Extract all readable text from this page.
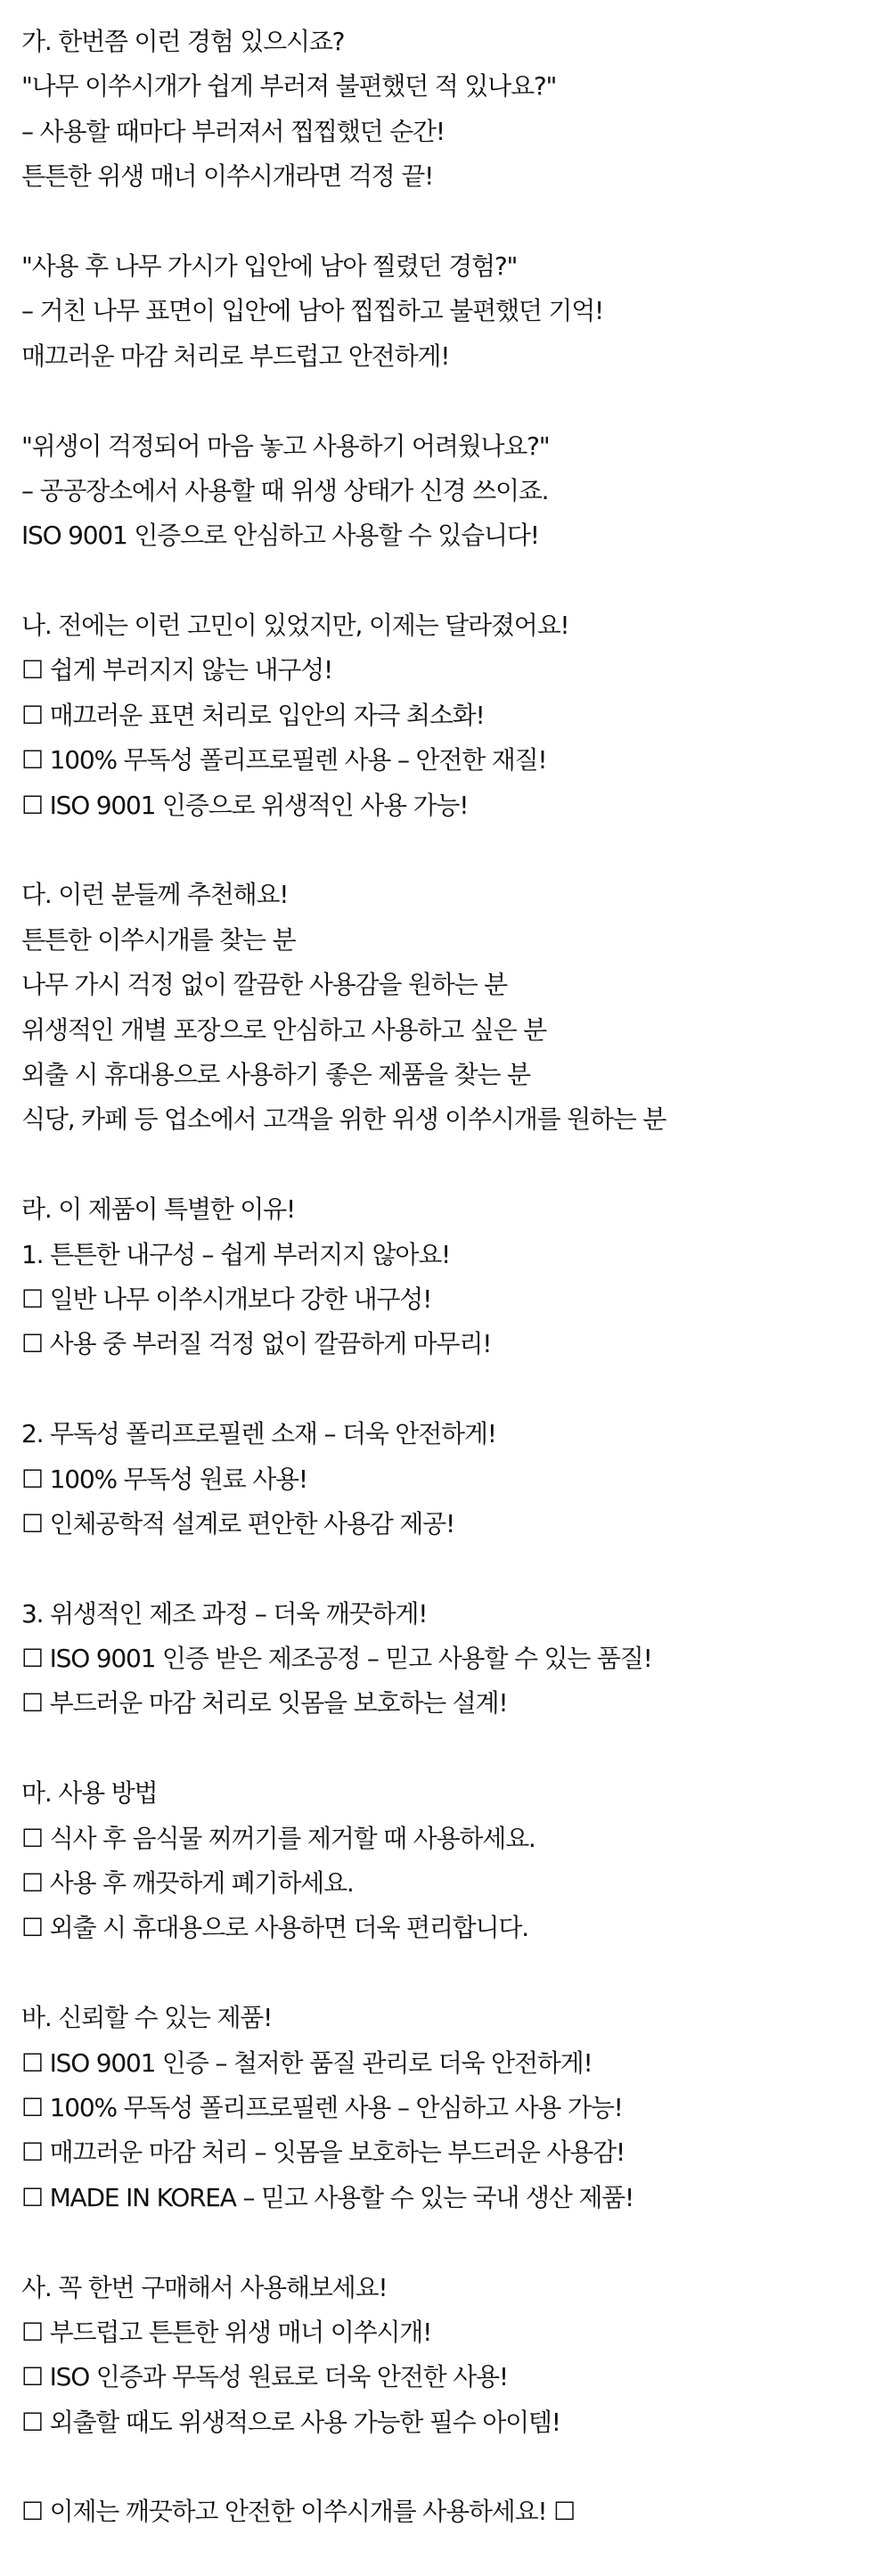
가. 한번쯤 이런 경험 있으시죠?
"나무 이쑤시개가 쉽게 부러져 불편했던 적 있나요?"
– 사용할 때마다 부러져서 찝찝했던 순간!
튼튼한 위생 매너 이쑤시개라면 걱정 끝!
"사용 후 나무 가시가 입안에 남아 찔렸던 경험?"
– 거친 나무 표면이 입안에 남아 찝찝하고 불편했던 기억!
매끄러운 마감 처리로 부드럽고 안전하게!
"위생이 걱정되어 마음 놓고 사용하기 어려웠나요?"
– 공공장소에서 사용할 때 위생 상태가 신경 쓰이죠.
ISO 9001 인증으로 안심하고 사용할 수 있습니다!
나. 전에는 이런 고민이 있었지만, 이제는 달라졌어요!
☐ 쉽게 부러지지 않는 내구성!
☐ 매끄러운 표면 처리로 입안의 자극 최소화!
☐ 100% 무독성 폴리프로필렌 사용 – 안전한 재질!
☐ ISO 9001 인증으로 위생적인 사용 가능!
다. 이런 분들께 추천해요!
튼튼한 이쑤시개를 찾는 분
나무 가시 걱정 없이 깔끔한 사용감을 원하는 분
위생적인 개별 포장으로 안심하고 사용하고 싶은 분
외출 시 휴대용으로 사용하기 좋은 제품을 찾는 분
식당, 카페 등 업소에서 고객을 위한 위생 이쑤시개를 원하는 분
라. 이 제품이 특별한 이유!
1. 튼튼한 내구성 – 쉽게 부러지지 않아요!
☐ 일반 나무 이쑤시개보다 강한 내구성!
☐ 사용 중 부러질 걱정 없이 깔끔하게 마무리!
2. 무독성 폴리프로필렌 소재 – 더욱 안전하게!
☐ 100% 무독성 원료 사용!
☐ 인체공학적 설계로 편안한 사용감 제공!
3. 위생적인 제조 과정 – 더욱 깨끗하게!
☐ ISO 9001 인증 받은 제조공정 – 믿고 사용할 수 있는 품질!
☐ 부드러운 마감 처리로 잇몸을 보호하는 설계!
마. 사용 방법
☐ 식사 후 음식물 찌꺼기를 제거할 때 사용하세요.
☐ 사용 후 깨끗하게 폐기하세요.
☐ 외출 시 휴대용으로 사용하면 더욱 편리합니다.
바. 신뢰할 수 있는 제품!
☐ ISO 9001 인증 – 철저한 품질 관리로 더욱 안전하게!
☐ 100% 무독성 폴리프로필렌 사용 – 안심하고 사용 가능!
☐ 매끄러운 마감 처리 – 잇몸을 보호하는 부드러운 사용감!
☐ MADE IN KOREA – 믿고 사용할 수 있는 국내 생산 제품!
사. 꼭 한번 구매해서 사용해보세요!
☐ 부드럽고 튼튼한 위생 매너 이쑤시개!
☐ ISO 인증과 무독성 원료로 더욱 안전한 사용!
☐ 외출할 때도 위생적으로 사용 가능한 필수 아이템!
☐ 이제는 깨끗하고 안전한 이쑤시개를 사용하세요! ☐
